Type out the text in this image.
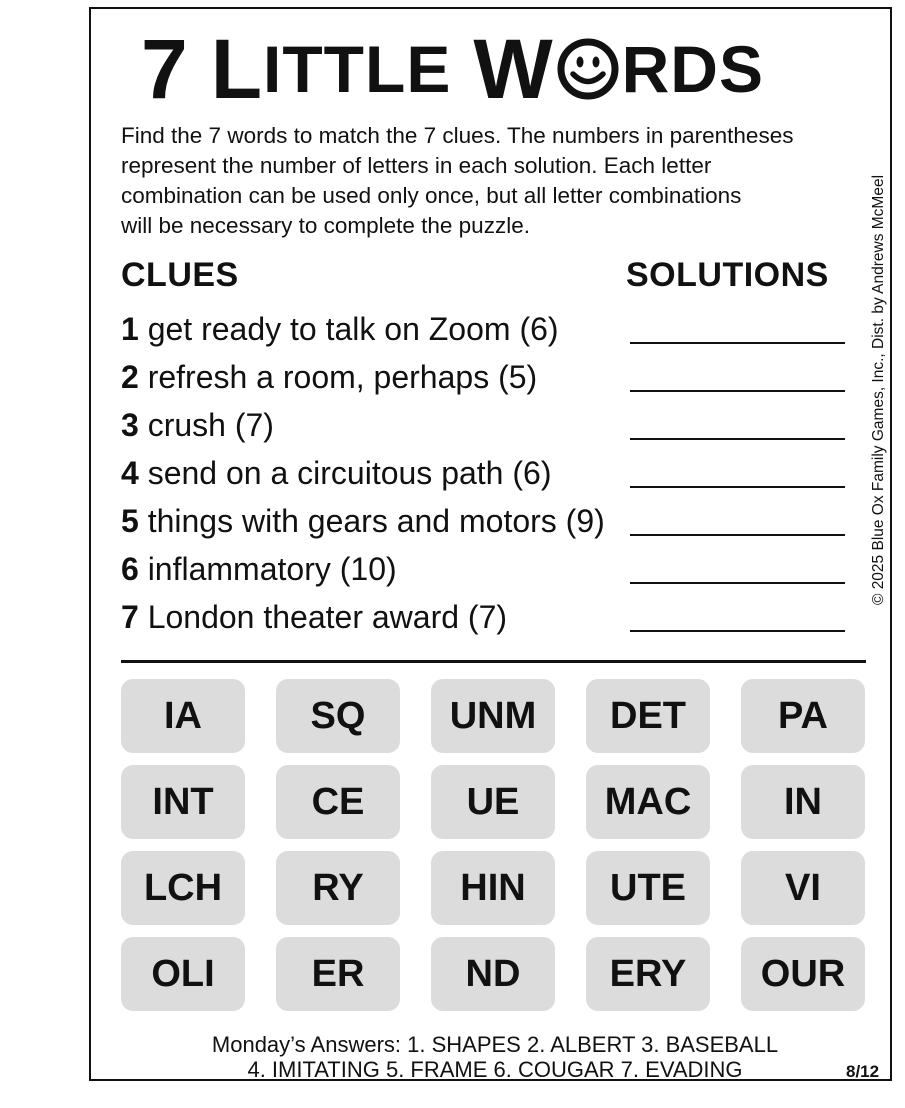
7 L ITTLE W RDS
Find the 7 words to match the 7 clues. The numbers in parentheses
represent the number of letters in each solution. Each letter
combination can be used only once, but all letter combinations
will be necessary to complete the puzzle.
CLUES	SOLUTIONS
1 get ready to talk on Zoom (6)
2 refresh a room, perhaps (5)
3 crush (7)
4 send on a circuitous path (6)
5 things with gears and motors (9)
6 inflammatory (10)
7 London theater award (7)
IA	SQ	UNM	DET	PA
INT	CE	UE	MAC	IN
LCH	RY	HIN	UTE	VI
OLI	ER	ND	ERY	OUR
© 2025 Blue Ox Family Games, Inc., Dist. by Andrews McMeel
Monday’s Answers: 1. SHAPES 2. ALBERT 3. BASEBALL
4. IMITATING 5. FRAME 6. COUGAR 7. EVADING	8/12
